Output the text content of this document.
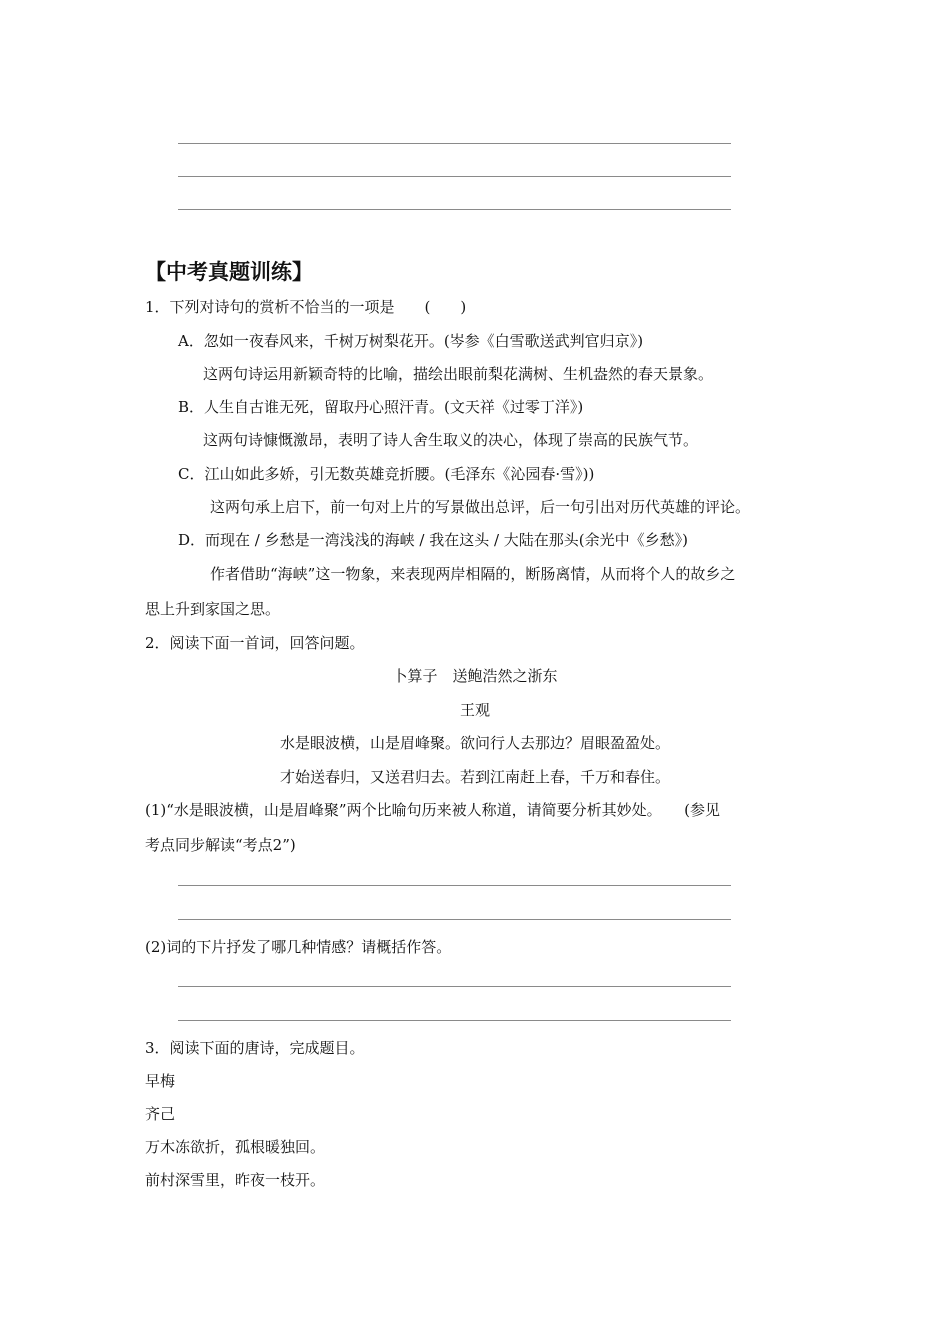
【中考真题训练】
1．下列对诗句的赏析不恰当的一项是　　(　　)
A．忽如一夜春风来，千树万树梨花开。(岑参《白雪歌送武判官归京》)
这两句诗运用新颖奇特的比喻，描绘出眼前梨花满树、生机盎然的春天景象。
B．人生自古谁无死，留取丹心照汗青。(文天祥《过零丁洋》)
这两句诗慷慨激昂，表明了诗人舍生取义的决心，体现了崇高的民族气节。
C．江山如此多娇，引无数英雄竞折腰。(毛泽东《沁园春·雪》))
这两句承上启下，前一句对上片的写景做出总评，后一句引出对历代英雄的评论。
D．而现在 / 乡愁是一湾浅浅的海峡 / 我在这头 / 大陆在那头(余光中《乡愁》)
作者借助“海峡”这一物象，来表现两岸相隔的，断肠离情，从而将个人的故乡之
思上升到家国之思。
2．阅读下面一首词，回答问题。
卜算子　送鲍浩然之浙东
王观
水是眼波横，山是眉峰聚。欲问行人去那边？眉眼盈盈处。
才始送春归，又送君归去。若到江南赶上春，千万和春住。
(1)“水是眼波横，山是眉峰聚”两个比喻句历来被人称道，请简要分析其妙处。　　(参见
考点同步解读“考点2”)
(2)词的下片抒发了哪几种情感？请概括作答。
3．阅读下面的唐诗，完成题目。
早梅
齐己
万木冻欲折，孤根暖独回。
前村深雪里，昨夜一枝开。
